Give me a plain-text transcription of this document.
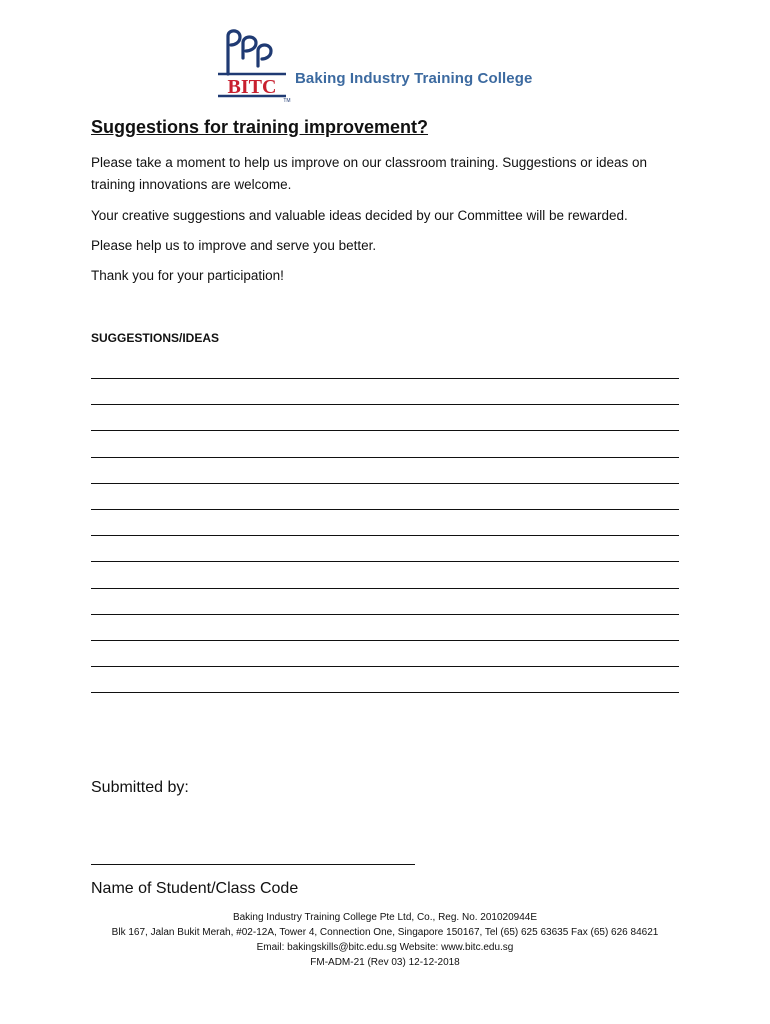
BITC
TM
Baking Industry Training College
Suggestions for training improvement?

Please take a moment to help us improve on our classroom training. Suggestions or ideas on training innovations are welcome.

Your creative suggestions and valuable ideas decided by our Committee will be rewarded.

Please help us to improve and serve you better.

Thank you for your participation!

SUGGESTIONS/IDEAS
Submitted by:
Name of Student/Class Code
Baking Industry Training College Pte Ltd, Co., Reg. No. 201020944E
Blk 167, Jalan Bukit Merah, #02-12A, Tower 4, Connection One, Singapore 150167, Tel (65) 625 63635 Fax (65) 626 84621
Email: bakingskills@bitc.edu.sg Website: www.bitc.edu.sg
FM-ADM-21 (Rev 03) 12-12-2018
